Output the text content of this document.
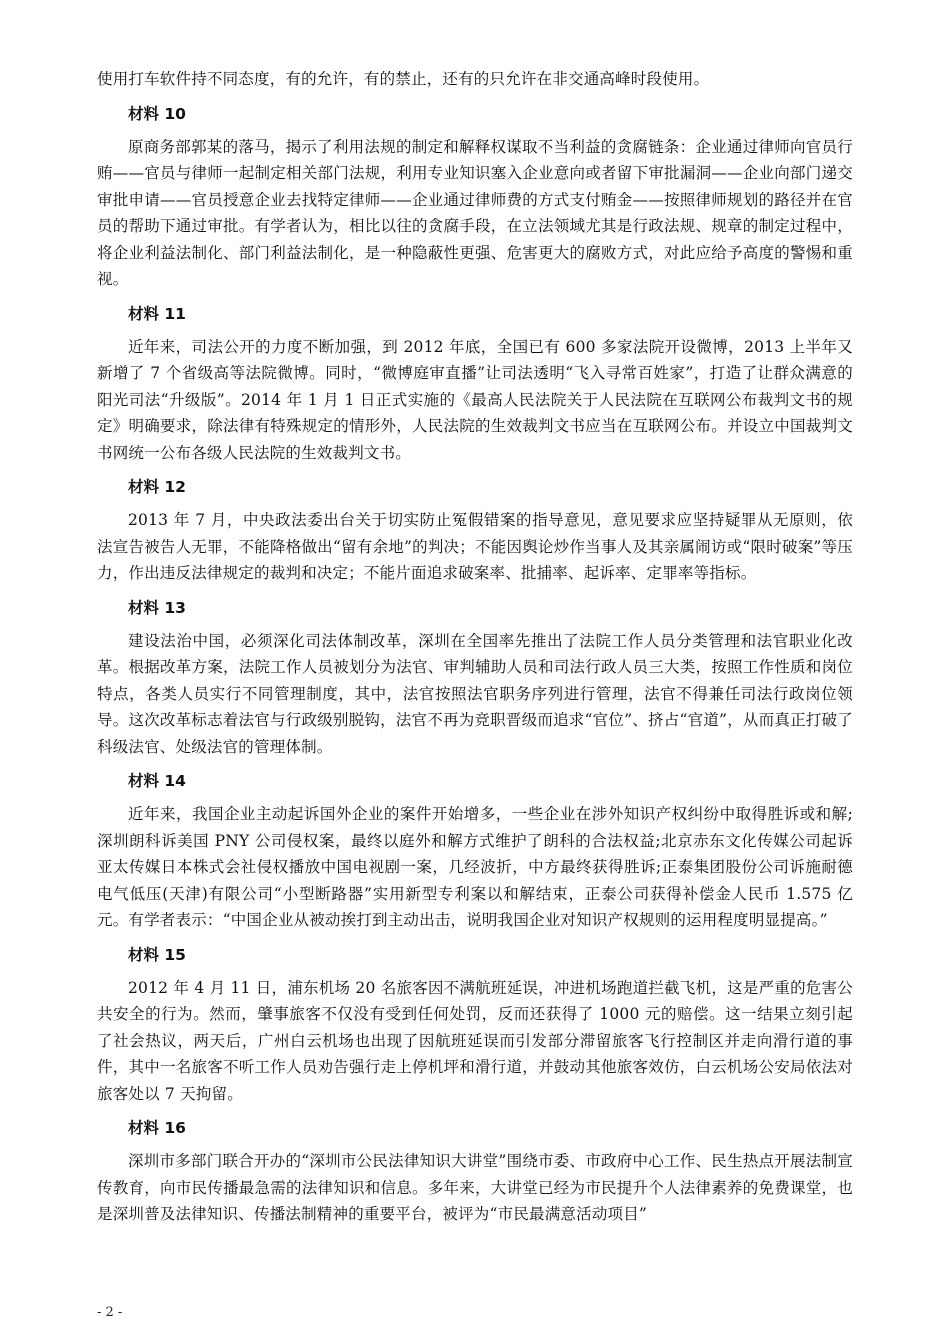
使用打车软件持不同态度，有的允许，有的禁止，还有的只允许在非交通高峰时段使用。

材料 10

原商务部郭某的落马，揭示了利用法规的制定和解释权谋取不当利益的贪腐链条：企业通过律师向官员行贿——官员与律师一起制定相关部门法规，利用专业知识塞入企业意向或者留下审批漏洞——企业向部门递交审批申请——官员授意企业去找特定律师——企业通过律师费的方式支付贿金——按照律师规划的路径并在官员的帮助下通过审批。有学者认为，相比以往的贪腐手段，在立法领域尤其是行政法规、规章的制定过程中，将企业利益法制化、部门利益法制化，是一种隐蔽性更强、危害更大的腐败方式，对此应给予高度的警惕和重视。

材料 11

近年来，司法公开的力度不断加强，到 2012 年底，全国已有 600 多家法院开设微博，2013 上半年又新增了 7 个省级高等法院微博。同时，“微博庭审直播”让司法透明“飞入寻常百姓家”，打造了让群众满意的阳光司法“升级版”。2014 年 1 月 1 日正式实施的《最高人民法院关于人民法院在互联网公布裁判文书的规定》明确要求，除法律有特殊规定的情形外，人民法院的生效裁判文书应当在互联网公布。并设立中国裁判文书网统一公布各级人民法院的生效裁判文书。

材料 12

2013 年 7 月，中央政法委出台关于切实防止冤假错案的指导意见，意见要求应坚持疑罪从无原则，依法宣告被告人无罪，不能降格做出“留有余地”的判决；不能因舆论炒作当事人及其亲属闹访或“限时破案”等压力，作出违反法律规定的裁判和决定；不能片面追求破案率、批捕率、起诉率、定罪率等指标。

材料 13

建设法治中国，必须深化司法体制改革，深圳在全国率先推出了法院工作人员分类管理和法官职业化改革。根据改革方案，法院工作人员被划分为法官、审判辅助人员和司法行政人员三大类，按照工作性质和岗位特点，各类人员实行不同管理制度，其中，法官按照法官职务序列进行管理，法官不得兼任司法行政岗位领导。这次改革标志着法官与行政级别脱钩，法官不再为竞职晋级而追求“官位”、挤占“官道”，从而真正打破了科级法官、处级法官的管理体制。

材料 14

近年来，我国企业主动起诉国外企业的案件开始增多，一些企业在涉外知识产权纠纷中取得胜诉或和解;深圳朗科诉美国 PNY 公司侵权案，最终以庭外和解方式维护了朗科的合法权益;北京赤东文化传媒公司起诉亚太传媒日本株式会社侵权播放中国电视剧一案，几经波折，中方最终获得胜诉;正泰集团股份公司诉施耐德电气低压(天津)有限公司“小型断路器”实用新型专利案以和解结束，正泰公司获得补偿金人民币 1.575 亿元。有学者表示：“中国企业从被动挨打到主动出击，说明我国企业对知识产权规则的运用程度明显提高。”

材料 15

2012 年 4 月 11 日，浦东机场 20 名旅客因不满航班延误，冲进机场跑道拦截飞机，这是严重的危害公共安全的行为。然而，肇事旅客不仅没有受到任何处罚，反而还获得了 1000 元的赔偿。这一结果立刻引起了社会热议，两天后，广州白云机场也出现了因航班延误而引发部分滞留旅客飞行控制区并走向滑行道的事件，其中一名旅客不听工作人员劝告强行走上停机坪和滑行道，并鼓动其他旅客效仿，白云机场公安局依法对旅客处以 7 天拘留。

材料 16

深圳市多部门联合开办的“深圳市公民法律知识大讲堂”围绕市委、市政府中心工作、民生热点开展法制宣传教育，向市民传播最急需的法律知识和信息。多年来，大讲堂已经为市民提升个人法律素养的免费课堂，也是深圳普及法律知识、传播法制精神的重要平台，被评为“市民最满意活动项目”

- 2 -
